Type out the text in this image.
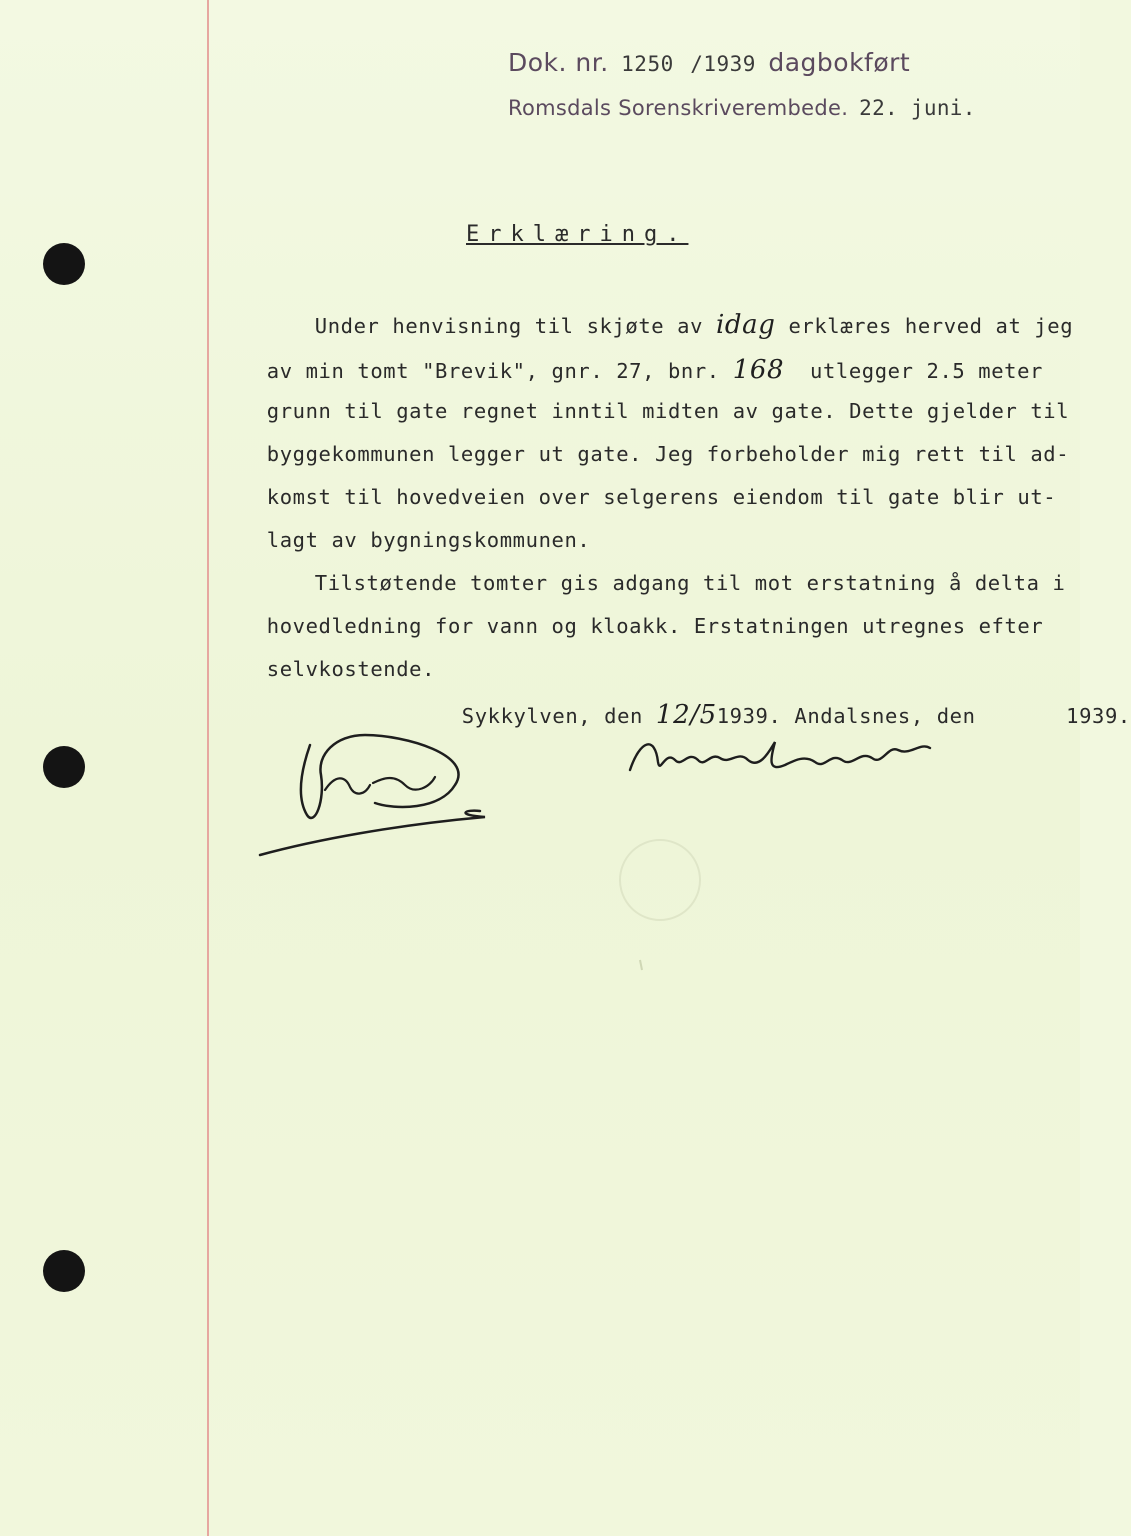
Dok. nr. 1250 /1939 dagbokført
Romsdals Sorenskriverembede. 22. juni.
Erklæring.

Under henvisning til skjøte av idag erklæres herved at jeg

av min tomt "Brevik", gnr. 27, bnr. 168  utlegger 2.5 meter

grunn til gate regnet inntil midten av gate. Dette gjelder til

byggekommunen legger ut gate. Jeg forbeholder mig rett til ad-

komst til hovedveien over selgerens eiendom til gate blir ut-

lagt av bygningskommunen.

Tilstøtende tomter gis adgang til mot erstatning å delta i

hovedledning for vann og kloakk. Erstatningen utregnes efter

selvkostende.

Sykkylven, den 12/51939. Andalsnes, den       1939.
